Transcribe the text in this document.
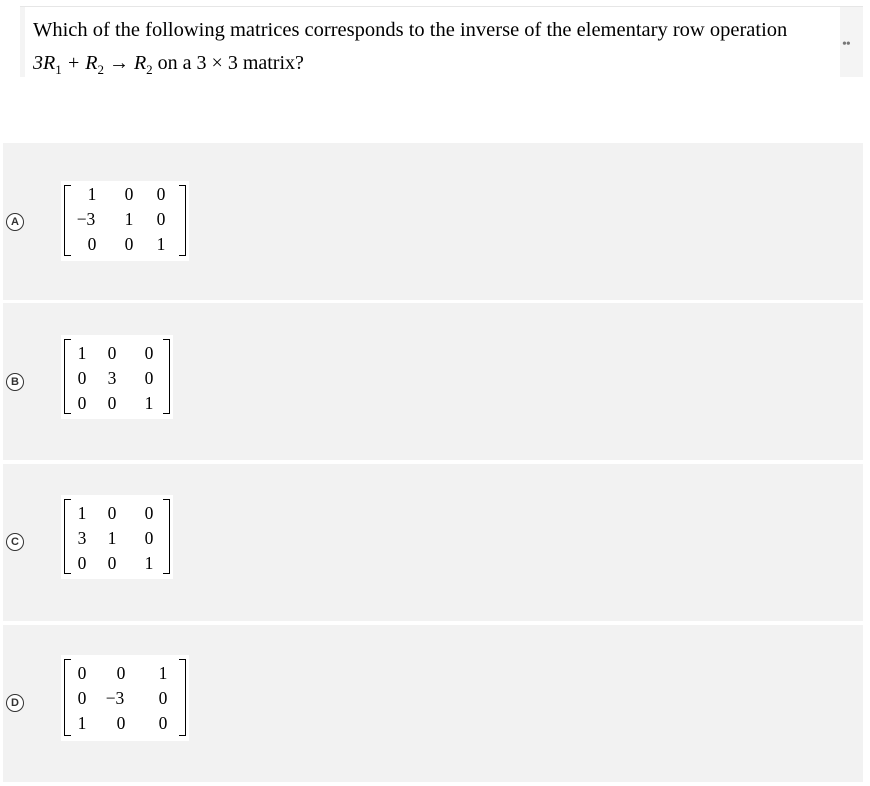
Which of the following matrices corresponds to the inverse of the elementary row operation
$3R_1 + R_2 \to R_2$ on a 3 × 3 matrix?
••
A
1	0	0
−3	1	0
0	0	1
B
1	0	0
0	3	0
0	0	1
C
1	0	0
3	1	0
0	0	1
D
0	0	1
0	−3	0
1	0	0
